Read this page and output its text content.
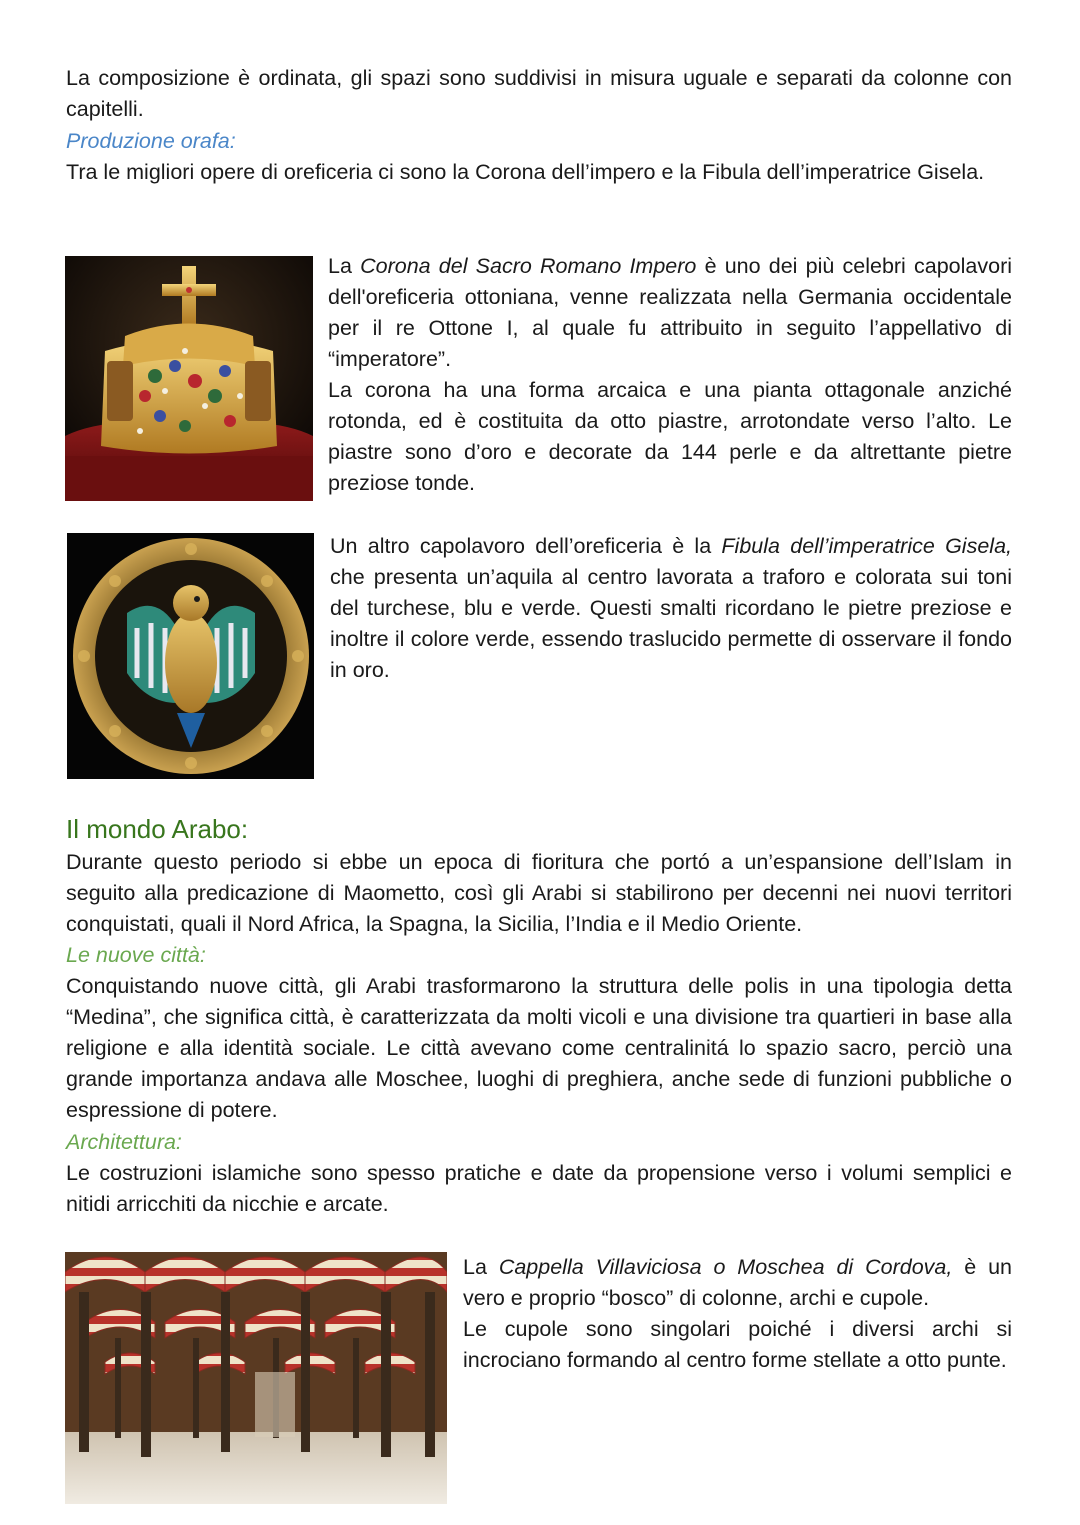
La composizione è ordinata, gli spazi sono suddivisi in misura uguale e separati da colonne con capitelli.

Produzione orafa:

Tra le migliori opere di oreficeria ci sono la Corona dell’impero e la Fibula dell’imperatrice Gisela.

La Corona del Sacro Romano Impero è uno dei più celebri capolavori dell'oreficeria ottoniana, venne realizzata nella Germania occidentale per il re Ottone I, al quale fu attribuito in seguito l’appellativo di “imperatore”.
La corona ha una forma arcaica e una pianta ottagonale anziché rotonda, ed è costituita da otto piastre, arrotondate verso l’alto. Le piastre sono d’oro e decorate da 144 perle e da altrettante pietre preziose tonde.

Un altro capolavoro dell’oreficeria è la Fibula dell’imperatrice Gisela, che presenta un’aquila al centro lavorata a traforo e colorata sui toni del turchese, blu e verde. Questi smalti ricordano le pietre preziose e inoltre il colore verde, essendo traslucido permette di osservare il fondo in oro.

Il mondo Arabo:

Durante questo periodo si ebbe un epoca di fioritura che portó a un’espansione dell’Islam in seguito alla predicazione di Maometto, così gli Arabi si stabilirono per decenni nei nuovi territori conquistati, quali il Nord Africa, la Spagna, la Sicilia, l’India e il Medio Oriente.

Le nuove città:

Conquistando nuove città, gli Arabi trasformarono la struttura delle polis in una tipologia detta “Medina”, che significa città, è caratterizzata da molti vicoli e una divisione tra quartieri in base alla religione e alla identità sociale. Le città avevano come centralinitá lo spazio sacro, perciò una grande importanza andava alle Moschee, luoghi di preghiera, anche sede di funzioni pubbliche o espressione di potere.

Architettura:

Le costruzioni islamiche sono spesso pratiche e date da propensione verso i volumi semplici e nitidi arricchiti da nicchie e arcate.

La Cappella Villaviciosa o Moschea di Cordova, è un vero e proprio “bosco” di colonne, archi e cupole.
Le cupole sono singolari poiché i diversi archi si incrociano formando al centro forme stellate a otto punte.
